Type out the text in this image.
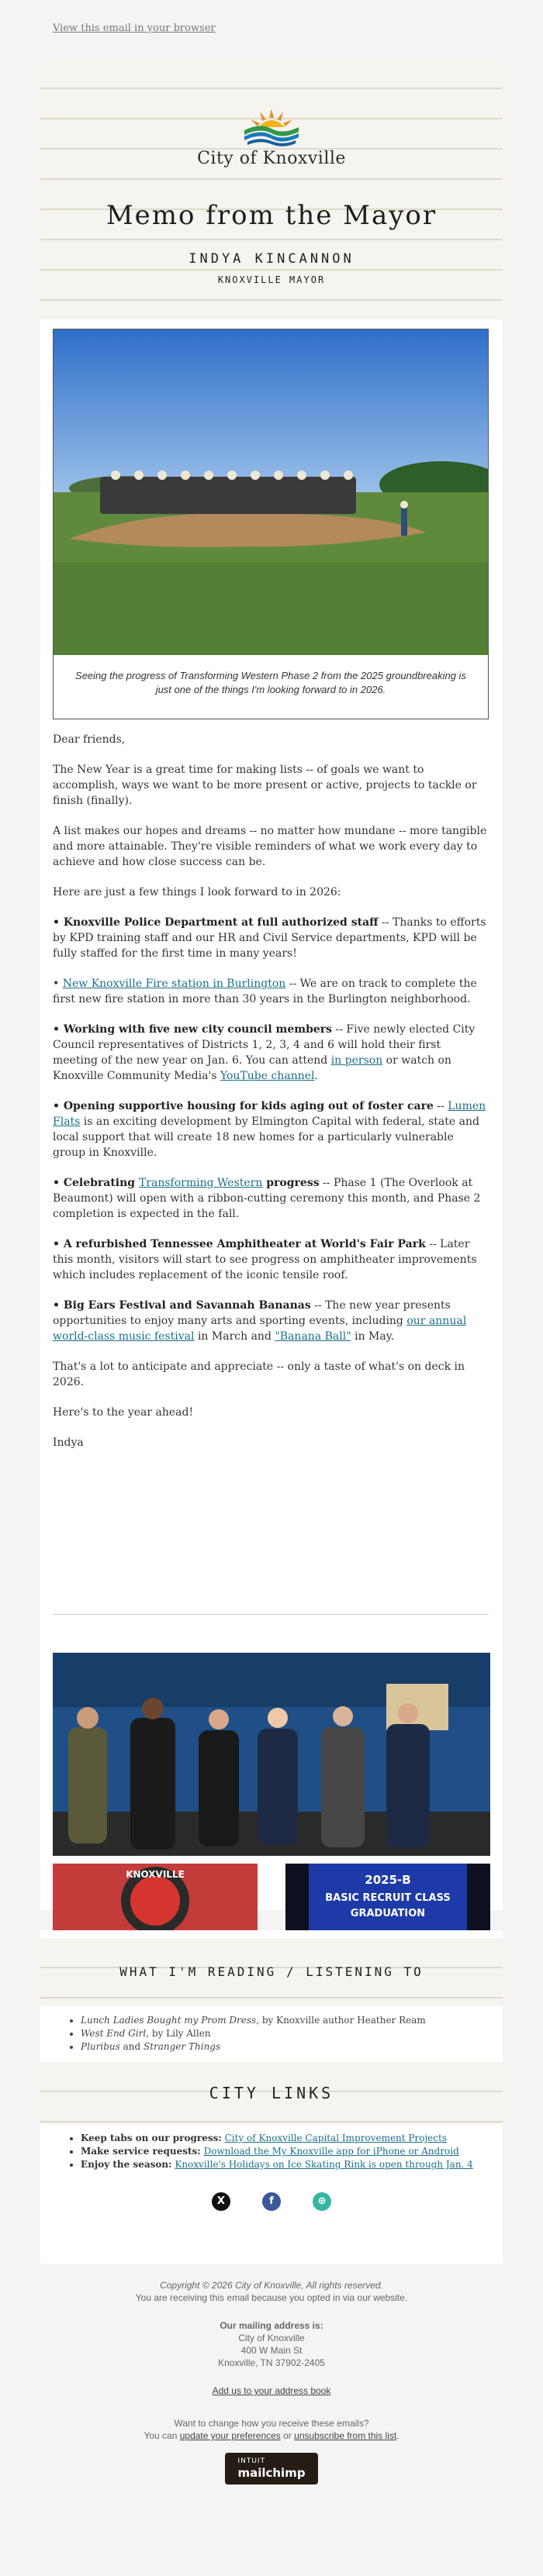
View this email in your browser
City of Knoxville
Memo from the Mayor
INDYA KINCANNON
KNOXVILLE MAYOR
Seeing the progress of Transforming Western Phase 2 from the 2025 groundbreaking is just one of the things I'm looking forward to in 2026.

Dear friends,

The New Year is a great time for making lists -- of goals we want to accomplish, ways we want to be more present or active, projects to tackle or finish (finally).

A list makes our hopes and dreams -- no matter how mundane -- more tangible and more attainable. They're visible reminders of what we work every day to achieve and how close success can be.

Here are just a few things I look forward to in 2026:

• Knoxville Police Department at full authorized staff -- Thanks to efforts by KPD training staff and our HR and Civil Service departments, KPD will be fully staffed for the first time in many years!

• New Knoxville Fire station in Burlington -- We are on track to complete the first new fire station in more than 30 years in the Burlington neighborhood.

• Working with five new city council members -- Five newly elected City Council representatives of Districts 1, 2, 3, 4 and 6 will hold their first meeting of the new year on Jan. 6. You can attend in person or watch on Knoxville Community Media's YouTube channel.

• Opening supportive housing for kids aging out of foster care -- Lumen Flats is an exciting development by Elmington Capital with federal, state and local support that will create 18 new homes for a particularly vulnerable group in Knoxville.

• Celebrating Transforming Western progress -- Phase 1 (The Overlook at Beaumont) will open with a ribbon-cutting ceremony this month, and Phase 2 completion is expected in the fall.

• A refurbished Tennessee Amphitheater at World's Fair Park -- Later this month, visitors will start to see progress on amphitheater improvements which includes replacement of the iconic tensile roof.

• Big Ears Festival and Savannah Bananas -- The new year presents opportunities to enjoy many arts and sporting events, including our annual world-class music festival in March and "Banana Ball" in May.

That's a lot to anticipate and appreciate -- only a taste of what's on deck in 2026.

Here's to the year ahead!

Indya

KNOXVILLE	2025-B
BASIC RECRUIT CLASS
GRADUATION
WHAT I'M READING / LISTENING TO
• Lunch Ladies Bought my Prom Dress, by Knoxville author Heather Ream
• West End Girl, by Lily Allen
• Pluribus and Stranger Things
CITY LINKS
• Keep tabs on our progress: City of Knoxville Capital Improvement Projects
• Make service requests: Download the My Knoxville app for iPhone or Android
• Enjoy the season: Knoxville's Holidays on Ice Skating Rink is open through Jan. 4
X	f	⊕

Copyright © 2026 City of Knoxville, All rights reserved.

You are receiving this email because you opted in via our website.

Our mailing address is:

City of Knoxville

400 W Main St

Knoxville, TN 37902-2405

Add us to your address book

Want to change how you receive these emails?

You can update your preferences or unsubscribe from this list.

INTUIT
mailchimp
